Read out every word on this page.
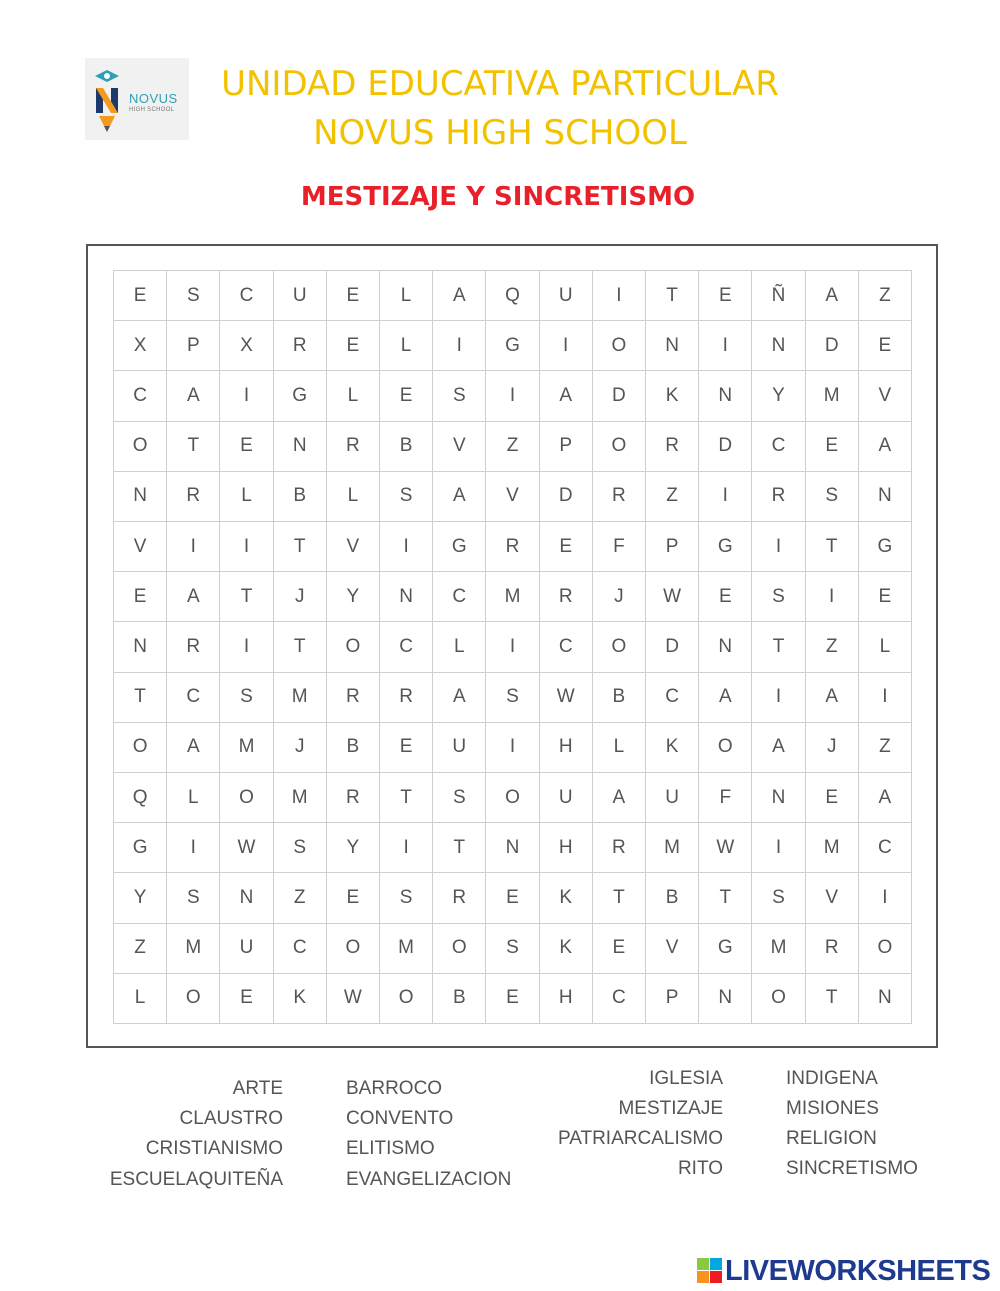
NOVUS
HIGH SCHOOL
UNIDAD EDUCATIVA PARTICULAR
NOVUS HIGH SCHOOL
MESTIZAJE Y SINCRETISMO
E	S	C	U	E	L	A	Q	U	I	T	E	Ñ	A	Z
X	P	X	R	E	L	I	G	I	O	N	I	N	D	E
C	A	I	G	L	E	S	I	A	D	K	N	Y	M	V
O	T	E	N	R	B	V	Z	P	O	R	D	C	E	A
N	R	L	B	L	S	A	V	D	R	Z	I	R	S	N
V	I	I	T	V	I	G	R	E	F	P	G	I	T	G
E	A	T	J	Y	N	C	M	R	J	W	E	S	I	E
N	R	I	T	O	C	L	I	C	O	D	N	T	Z	L
T	C	S	M	R	R	A	S	W	B	C	A	I	A	I
O	A	M	J	B	E	U	I	H	L	K	O	A	J	Z
Q	L	O	M	R	T	S	O	U	A	U	F	N	E	A
G	I	W	S	Y	I	T	N	H	R	M	W	I	M	C
Y	S	N	Z	E	S	R	E	K	T	B	T	S	V	I
Z	M	U	C	O	M	O	S	K	E	V	G	M	R	O
L	O	E	K	W	O	B	E	H	C	P	N	O	T	N
ARTE
CLAUSTRO
CRISTIANISMO
ESCUELAQUITEÑA
BARROCO
CONVENTO
ELITISMO
EVANGELIZACION
IGLESIA
MESTIZAJE
PATRIARCALISMO
RITO
INDIGENA
MISIONES
RELIGION
SINCRETISMO
LIVEWORKSHEETS
